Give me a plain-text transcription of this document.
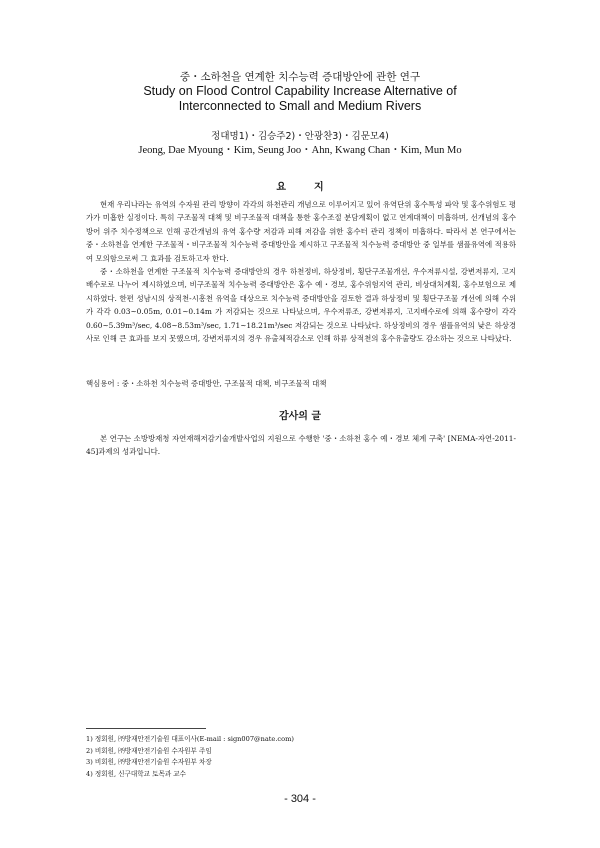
중・소하천을 연계한 치수능력 증대방안에 관한 연구
Study on Flood Control Capability Increase Alternative of
Interconnected to Small and Medium Rivers
정대명1)・김승주2)・안광찬3)・김문모4)
Jeong, Dae Myoung・Kim, Seung Joo・Ahn, Kwang Chan・Kim, Mun Mo
요지

현재 우리나라는 유역의 수자원 관리 방향이 각각의 하천관리 개념으로 이루어지고 있어 유역단위 홍수특성 파악 및 홍수위험도 평가가 미흡한 실정이다. 특히 구조물적 대책 및 비구조물적 대책을 통한 홍수조절 분담계획이 없고 연계대책이 미흡하며, 선개념의 홍수방어 위주 치수정책으로 인해 공간개념의 유역 홍수량 저감과 피해 저감을 위한 홍수터 관리 정책이 미흡하다. 따라서 본 연구에서는 중・소하천을 연계한 구조물적・비구조물적 치수능력 증대방안을 제시하고 구조물적 치수능력 증대방안 중 일부를 샘플유역에 적용하여 모의함으로써 그 효과를 검토하고자 한다.

중・소하천을 연계한 구조물적 치수능력 증대방안의 경우 하천정비, 하상정비, 횡단구조물개선, 우수저류시설, 강변저류지, 고지배수로로 나누어 제시하였으며, 비구조물적 치수능력 증대방안은 홍수 예・경보, 홍수위험지역 관리, 비상대처계획, 홍수보험으로 제시하였다. 한편 성남시의 상적천-시흥천 유역을 대상으로 치수능력 증대방안을 검토한 결과 하상정비 및 횡단구조물 개선에 의해 수위가 각각 0.03~0.05m, 0.01~0.14m 가 저감되는 것으로 나타났으며, 우수저류조, 강변저류지, 고지배수로에 의해 홍수량이 각각 0.60~5.39m³/sec, 4.08~8.53m³/sec, 1.71~18.21m³/sec 저감되는 것으로 나타났다. 하상정비의 경우 샘플유역의 낮은 하상경사로 인해 큰 효과를 보지 못했으며, 강변저류지의 경우 유출체적감소로 인해 하류 상적천의 홍수유출량도 감소하는 것으로 나타났다.

핵심용어 : 중・소하천 치수능력 증대방안, 구조물적 대책, 비구조물적 대책
감사의 글

본 연구는 소방방재청 자연재해저감기술개발사업의 지원으로 수행한 '중・소하천 홍수 예・경보 체계 구축' [NEMA-자연-2011-45]과제의 성과입니다.

1) 정회원, ㈜방재안전기술원 대표이사(E-mail : sign007@nate.com)
2) 비회원, ㈜방재안전기술원 수자원부 주임
3) 비회원, ㈜방재안전기술원 수자원부 차장
4) 정회원, 신구대학교 토목과 교수
- 304 -
